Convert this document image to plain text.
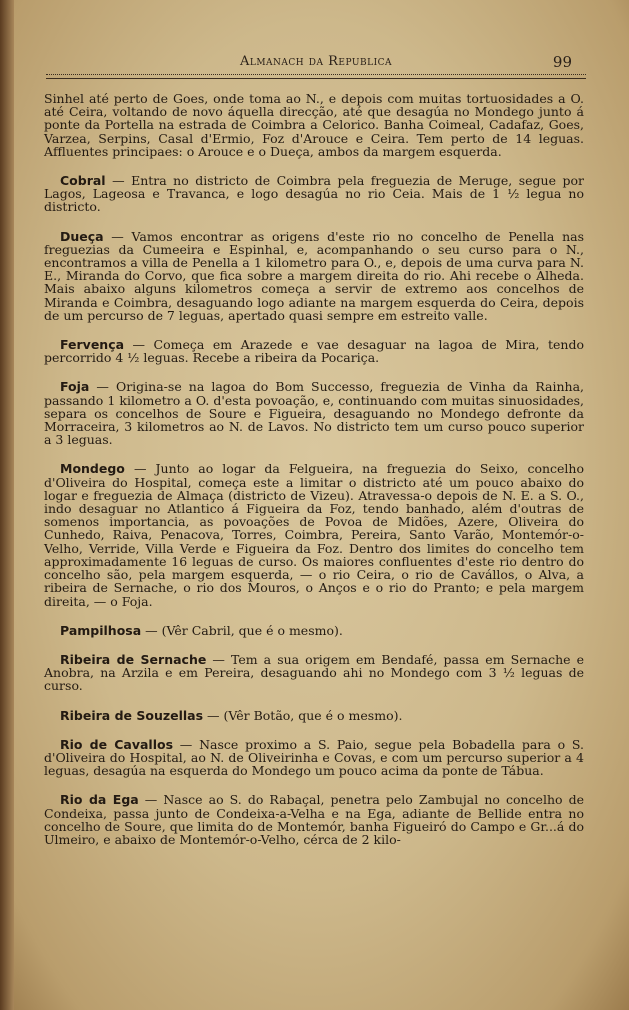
Almanach da Republica	99

Sinhel até perto de Goes, onde toma ao N., e depois com muitas tortuosidades a O. até Ceira, voltando de novo áquella direcção, até que desagúa no Mondego junto á ponte da Portella na estrada de Coimbra a Celorico. Banha Coimeal, Cadafaz, Goes, Varzea, Serpins, Casal d'Ermio, Foz d'Arouce e Ceira. Tem perto de 14 leguas. Affluentes principaes: o Arouce e o Dueça, ambos da margem esquerda.

Cobral — Entra no districto de Coimbra pela freguezia de Meruge, segue por Lagos, Lageosa e Travanca, e logo desagúa no rio Ceia. Mais de 1 ½ legua no districto.

Dueça — Vamos encontrar as origens d'este rio no concelho de Penella nas freguezias da Cumeeira e Espinhal, e, acompanhando o seu curso para o N., encontramos a villa de Penella a 1 kilometro para O., e, depois de uma curva para N. E., Miranda do Corvo, que fica sobre a margem direita do rio. Ahi recebe o Alheda. Mais abaixo alguns kilometros começa a servir de extremo aos concelhos de Miranda e Coimbra, desaguando logo adiante na margem esquerda do Ceira, depois de um percurso de 7 leguas, apertado quasi sempre em estreito valle.

Fervença — Começa em Arazede e vae desaguar na lagoa de Mira, tendo percorrido 4 ½ leguas. Recebe a ribeira da Pocariça.

Foja — Origina-se na lagoa do Bom Successo, freguezia de Vinha da Rainha, passando 1 kilometro a O. d'esta povoação, e, continuando com muitas sinuosidades, separa os concelhos de Soure e Figueira, desaguando no Mondego defronte da Morraceira, 3 kilometros ao N. de Lavos. No districto tem um curso pouco superior a 3 leguas.

Mondego — Junto ao logar da Felgueira, na freguezia do Seixo, concelho d'Oliveira do Hospital, começa este a limitar o districto até um pouco abaixo do logar e freguezia de Almaça (districto de Vizeu). Atravessa-o depois de N. E. a S. O., indo desaguar no Atlantico á Figueira da Foz, tendo banhado, além d'outras de somenos importancia, as povoações de Povoa de Midões, Azere, Oliveira do Cunhedo, Raiva, Penacova, Torres, Coimbra, Pereira, Santo Varão, Montemór-o-Velho, Verride, Villa Verde e Figueira da Foz. Dentro dos limites do concelho tem approximadamente 16 leguas de curso. Os maiores confluentes d'este rio dentro do concelho são, pela margem esquerda, — o rio Ceira, o rio de Cavállos, o Alva, a ribeira de Sernache, o rio dos Mouros, o Anços e o rio do Pranto; e pela margem direita, — o Foja.

Pampilhosa — (Vêr Cabril, que é o mesmo).

Ribeira de Sernache — Tem a sua origem em Bendafé, passa em Sernache e Anobra, na Arzila e em Pereira, desaguando ahi no Mondego com 3 ½ leguas de curso.

Ribeira de Souzellas — (Vêr Botão, que é o mesmo).

Rio de Cavallos — Nasce proximo a S. Paio, segue pela Bobadella para o S. d'Oliveira do Hospital, ao N. de Oliveirinha e Covas, e com um percurso superior a 4 leguas, desagúa na esquerda do Mondego um pouco acima da ponte de Tábua.

Rio da Ega — Nasce ao S. do Rabaçal, penetra pelo Zambujal no concelho de Condeixa, passa junto de Condeixa-a-Velha e na Ega, adiante de Bellide entra no concelho de Soure, que limita do de Montemór, banha Figueiró do Campo e Gr...á do Ulmeiro, e abaixo de Montemór-o-Velho, cérca de 2 kilo-
